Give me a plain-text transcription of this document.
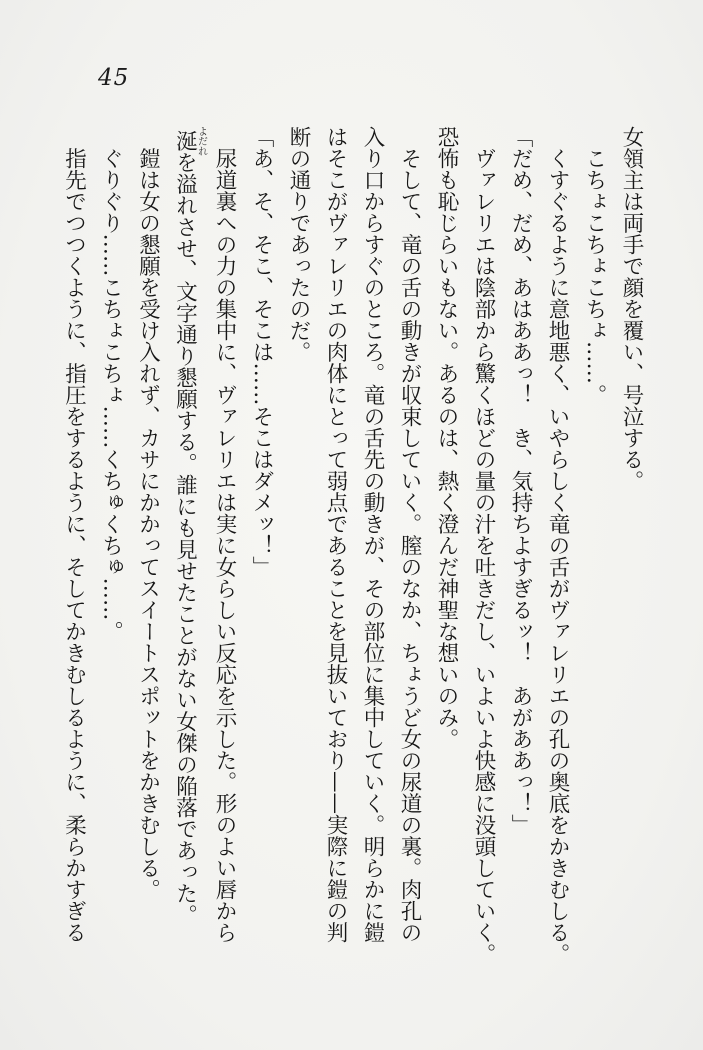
45

女領主は両手で顔を覆い、号泣する。

　こちょこちょこちょ……。

　くすぐるように意地悪く、いやらしく竜の舌がヴァレリエの孔の奥底をかきむしる。

「だめ、だめ、あはああっ！　き、気持ちよすぎるッ！　あがああっ！」

　ヴァレリエは陰部から驚くほどの量の汁を吐きだし、いよいよ快感に没頭していく。

恐怖も恥じらいもない。あるのは、熱く澄んだ神聖な想いのみ。

　そして、竜の舌の動きが収束していく。膣のなか、ちょうど女の尿道の裏。肉孔の

入り口からすぐのところ。竜の舌先の動きが、その部位に集中していく。明らかに鎧

はそこがヴァレリエの肉体にとって弱点であることを見抜いており——実際に鎧の判

断の通りであったのだ。

「あ、そ、そこ、そこは……そこはダメッ！」

　尿道裏への力の集中に、ヴァレリエは実に女らしい反応を示した。形のよい唇から

涎よだれを溢れさせ、文字通り懇願する。誰にも見せたことがない女傑の陥落であった。

　鎧は女の懇願を受け入れず、カサにかかってスイートスポットをかきむしる。

　ぐりぐり……こちょこちょ……くちゅくちゅ……。

　指先でつつくように、指圧をするように、そしてかきむしるように、柔らかすぎる
